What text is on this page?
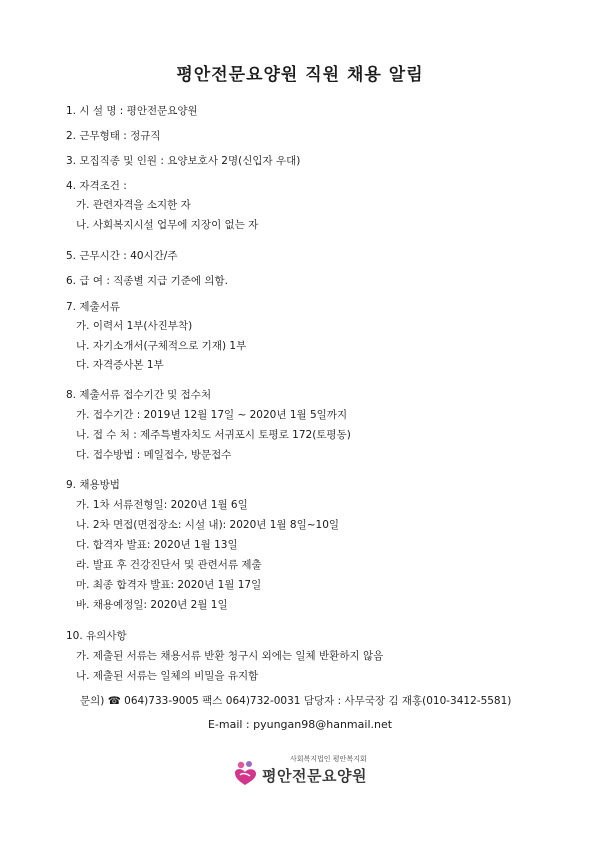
평안전문요양원 직원 채용 알림
1. 시 설 명 : 평안전문요양원
2. 근무형태 : 정규직
3. 모집직종 및 인원 : 요양보호사 2명(신입자 우대)
4. 자격조건 :
가. 관련자격을 소지한 자
나. 사회복지시설 업무에 지장이 없는 자
5. 근무시간 : 40시간/주
6. 급 여 : 직종별 지급 기준에 의함.
7. 제출서류
가. 이력서 1부(사진부착)
나. 자기소개서(구체적으로 기재) 1부
다. 자격증사본 1부
8. 제출서류 접수기간 및 접수처
가. 접수기간 : 2019년 12월 17일 ~ 2020년 1월 5일까지
나. 접 수 처 : 제주특별자치도 서귀포시 토평로 172(토평동)
다. 접수방법 : 메일접수, 방문접수
9. 채용방법
가. 1차 서류전형일: 2020년 1월 6일
나. 2차 면접(면접장소: 시설 내): 2020년 1월 8일~10일
다. 합격자 발표: 2020년 1월 13일
라. 발표 후 건강진단서 및 관련서류 제출
마. 최종 합격자 발표: 2020년 1월 17일
바. 채용예정일: 2020년 2월 1일
10. 유의사항
가. 제출된 서류는 채용서류 반환 청구시 외에는 일체 반환하지 않음
나. 제출된 서류는 일체의 비밀을 유지함
문의) ☎ 064)733-9005 팩스 064)732-0031 담당자 : 사무국장 김 재홍(010-3412-5581)
E-mail : pyungan98@hanmail.net
사회복지법인 평안복지회
평안전문요양원
